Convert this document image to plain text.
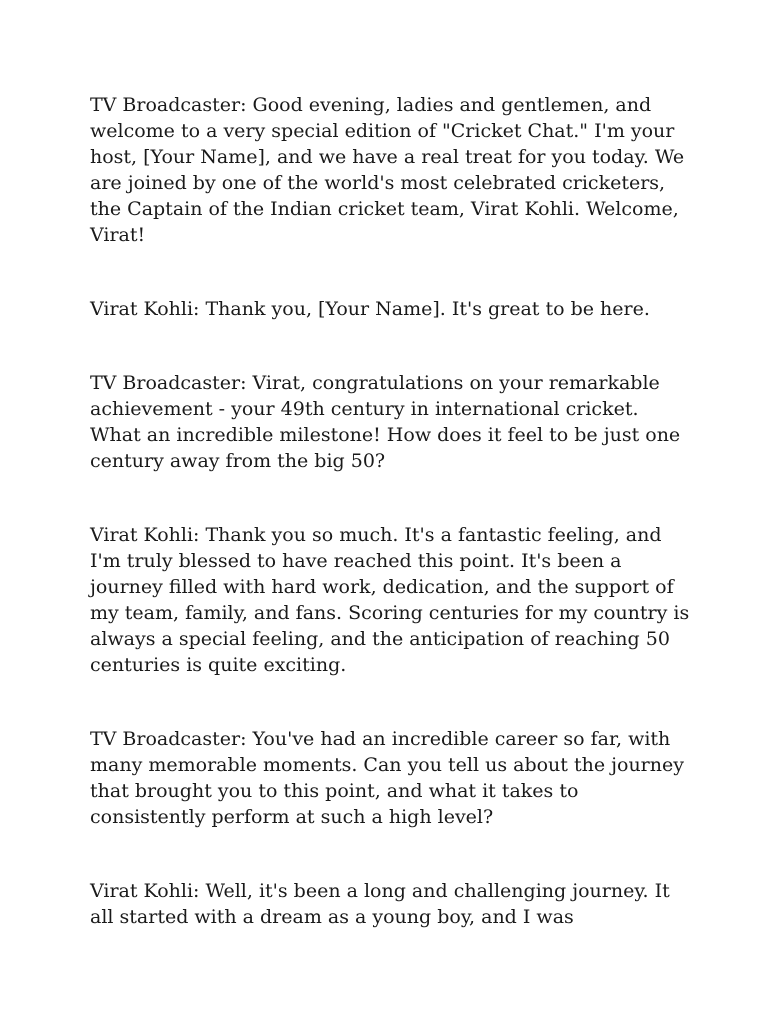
TV Broadcaster: Good evening, ladies and gentlemen, and welcome to a very special edition of "Cricket Chat." I'm your host, [Your Name], and we have a real treat for you today. We are joined by one of the world's most celebrated cricketers, the Captain of the Indian cricket team, Virat Kohli. Welcome, Virat!

Virat Kohli: Thank you, [Your Name]. It's great to be here.

TV Broadcaster: Virat, congratulations on your remarkable achievement - your 49th century in international cricket. What an incredible milestone! How does it feel to be just one century away from the big 50?

Virat Kohli: Thank you so much. It's a fantastic feeling, and I'm truly blessed to have reached this point. It's been a journey filled with hard work, dedication, and the support of my team, family, and fans. Scoring centuries for my country is always a special feeling, and the anticipation of reaching 50 centuries is quite exciting.

TV Broadcaster: You've had an incredible career so far, with many memorable moments. Can you tell us about the journey that brought you to this point, and what it takes to consistently perform at such a high level?

Virat Kohli: Well, it's been a long and challenging journey. It all started with a dream as a young boy, and I was
